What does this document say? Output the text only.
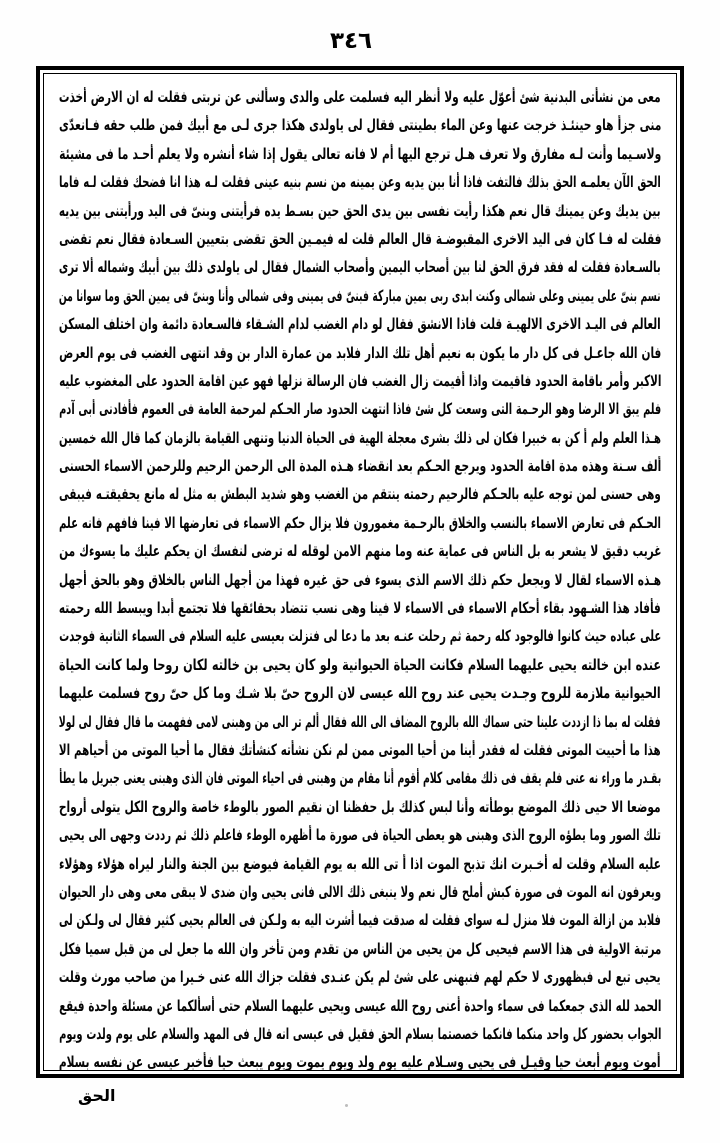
٣٤٦
معى من نشأتى البدنية شئ أعوّل عليه ولا أنظر اليه فسلمت على والدى وسألنى عن تربتى فقلت له ان الارض أخذت
منى جزأ هاو حينئـذ خرجت عنها وعن الماء بطينتى فقال لى ياولدى هكذا جرى لـى مع أبيك فمن طلب حقه فـانعدّى
ولاسـيما وأنت لـه مفارق ولا تعرف هـل ترجع اليها أم لا فانه تعالى يقول إذا شاء أنشره ولا يعلم أحـد ما فى مشيئة
الحق الآن يعلمـه الحق بذلك فالتفت فاذا أنا بين يديه وعن يمينه من نسم بنيه عينى فقلت لـه هذا انا فضحك فقلت لـه فاما
بين يديك وعن يمينك قال نعم هكذا رأيت نفسى بين يدى الحق حين بسـط يده فرأيتنى وبنىّ فى اليد ورأيتنى بين يديه
فقلت له فـا كان فى اليد الاخرى المقبوضـة قال العالم قلت له فيمـين الحق تقضى بتعيين السـعادة فقال نعم تقضى
بالسـعادة فقلت له فقد فرق الحق لنا بين أصحاب اليمين وأصحاب الشمال فقال لى ياولدى ذلك بين أبيك وشماله ألا ترى
نسم بنىّ على يمينى وعلى شمالى وكنت ابدى ربى بمين مباركة فبنىّ فى يمينى وفى شمالى وأنا وبنىّ فى يمين الحق وما سوانا من
العالم فى اليـد الاخرى الالهيـة قلت فاذا الانشق فقال لو دام الغضب لدام الشـقاء فالسـعادة دائمة وان اختلف المسكن
فان الله جاعـل فى كل دار ما يكون به نعيم أهل تلك الدار فلابد من عمارة الدار بن وقد انتهى الغضب فى يوم العرض
الاكبر وأمر باقامة الحدود فاقيمت واذا أقيمت زال الغضب فان الرسالة نزلها فهو عين اقامة الحدود على المغضوب عليه
فلم يبق الا الرضا وهو الرحـمة التى وسعت كل شئ فاذا انتهت الحدود صار الحـكم لمرحمة العامة فى العموم فأفادنى أبى آدم
هـذا العلم ولم أ كن به خبيرا فكان لى ذلك بشرى معجلة الهية فى الحياة الدنيا وتنهى القيامة بالزمان كما قال الله خمسين
ألف سـنة وهذه مدة اقامة الحدود ويرجع الحـكم بعد انقضاء هـذه المدة الى الرحمن الرحيم وللرحمن الاسماء الحسنى
وهى حسنى لمن توجه عليه بالحـكم فالرحيم رحمته ينتقم من الغضب وهو شديد البطش به مثل له مانع يحقيقتـه فيبقى
الحـكم فى تعارض الاسماء بالنسب والخلاق بالرحـمة مغمورون فلا يزال حكم الاسماء فى تعارضها الا فينا فافهم فانه علم
غريب دقيق لا يشعر به بل الناس فى عماية عنه وما منهم الامن لوقله له ترضى لنفسك ان يحكم عليك ما يسوءك من
هـذه الاسماء لقال لا ويجعل حكم ذلك الاسم الذى يسوء فى حق غيره فهذا من أجهل الناس بالخلاق وهو بالحق أجهل
فأفاد هذا الشـهود بقاء أحكام الاسماء فى الاسماء لا فينا وهى نسب تتضاد بحقائقها فلا تجتمع أبدا ويبسط الله رحمته
على عباده حيث كانوا فالوجود كله رحمة ثم رحلت عنـه بعد ما دعا لى فنزلت بعيسى عليه السلام فى السماء الثانية فوجدت
عنده ابن خالته يحيى عليهما السلام فكانت الحياة الحيوانية ولو كان يحيى بن خالته لكان روحا ولما كانت الحياة
الحيوانية ملازمة للروح وجـدت يحيى عند روح الله عيسى لان الروح حىّ بلا شـك وما كل حىّ روح فسلمت عليهما
فقلت له بما ذا ازددت علينا حتى سماك الله بالروح المضاف الى الله فقال ألم تر الى من وهبنى لامى ففهمت ما قال فقال لى لولا
هذا ما أحييت الموتى فقلت له فقدر أينا من أحيا الموتى ممن لم نكن نشأته كنشأتك فقال ما أحيا الموتى من أحياهم الا
بقـدر ما وراء نه عنى فلم يقف فى ذلك مقامى كلام أقوم أنا مقام من وهبنى فى احياء الموتى فان الذى وهبنى يعنى جبريل ما يطأ
موضعا الا حيى ذلك الموضع بوطأته وأنا لبس كذلك بل حفظنا ان نقيم الصور بالوطء خاصة والروح الكل يتولى أرواح
تلك الصور وما يطؤه الروح الذى وهبنى هو يعطى الحياة فى صورة ما أظهره الوطء فاعلم ذلك ثم رددت وجهى الى يحيى
عليه السلام وقلت له أخـبرت انك تذبح الموت اذا أ تى الله به يوم القيامة فيوضع بين الجنة والنار ليراه هؤلاء وهؤلاء
ويعرفون انه الموت فى صورة كبش أملح قال نعم ولا ينبغى ذلك الالى فانى يحيى وان ضدى لا يبقى معى وهى دار الحيوان
فلابد من ازالة الموت فلا منزل لـه سواى فقلت له صدقت فيما أشرت اليه به ولـكن فى العالم يحيى كثير فقال لى ولـكن لى
مرتبة الاولية فى هذا الاسم فيحيى كل من يحيى من الناس من تقدم ومن تأخر وان الله ما جعل لى من قبل سميا فكل
يحيى تبع لى فبظهورى لا حكم لهم فنبهنى على شئ لم يكن عنـدى فقلت جزاك الله عنى خـيرا من صاحب مورث وقلت
الحمد لله الذى جمعكما فى سماء واحدة أعنى روح الله عيسى ويحيى عليهما السلام حتى أسألكما عن مسئلة واحدة فيقع
الجواب بحضور كل واحد منكما فانكما خصصتما بسلام الحق فقيل فى عيسى انه قال فى المهد والسلام على يوم ولدت ويوم
أموت ويوم أبعث حيا وقيـل فى يحيى وسـلام عليه يوم ولد ويوم يموت ويوم يبعث حيا فأخبر عيسى عن نفسه بسلام
الحق
